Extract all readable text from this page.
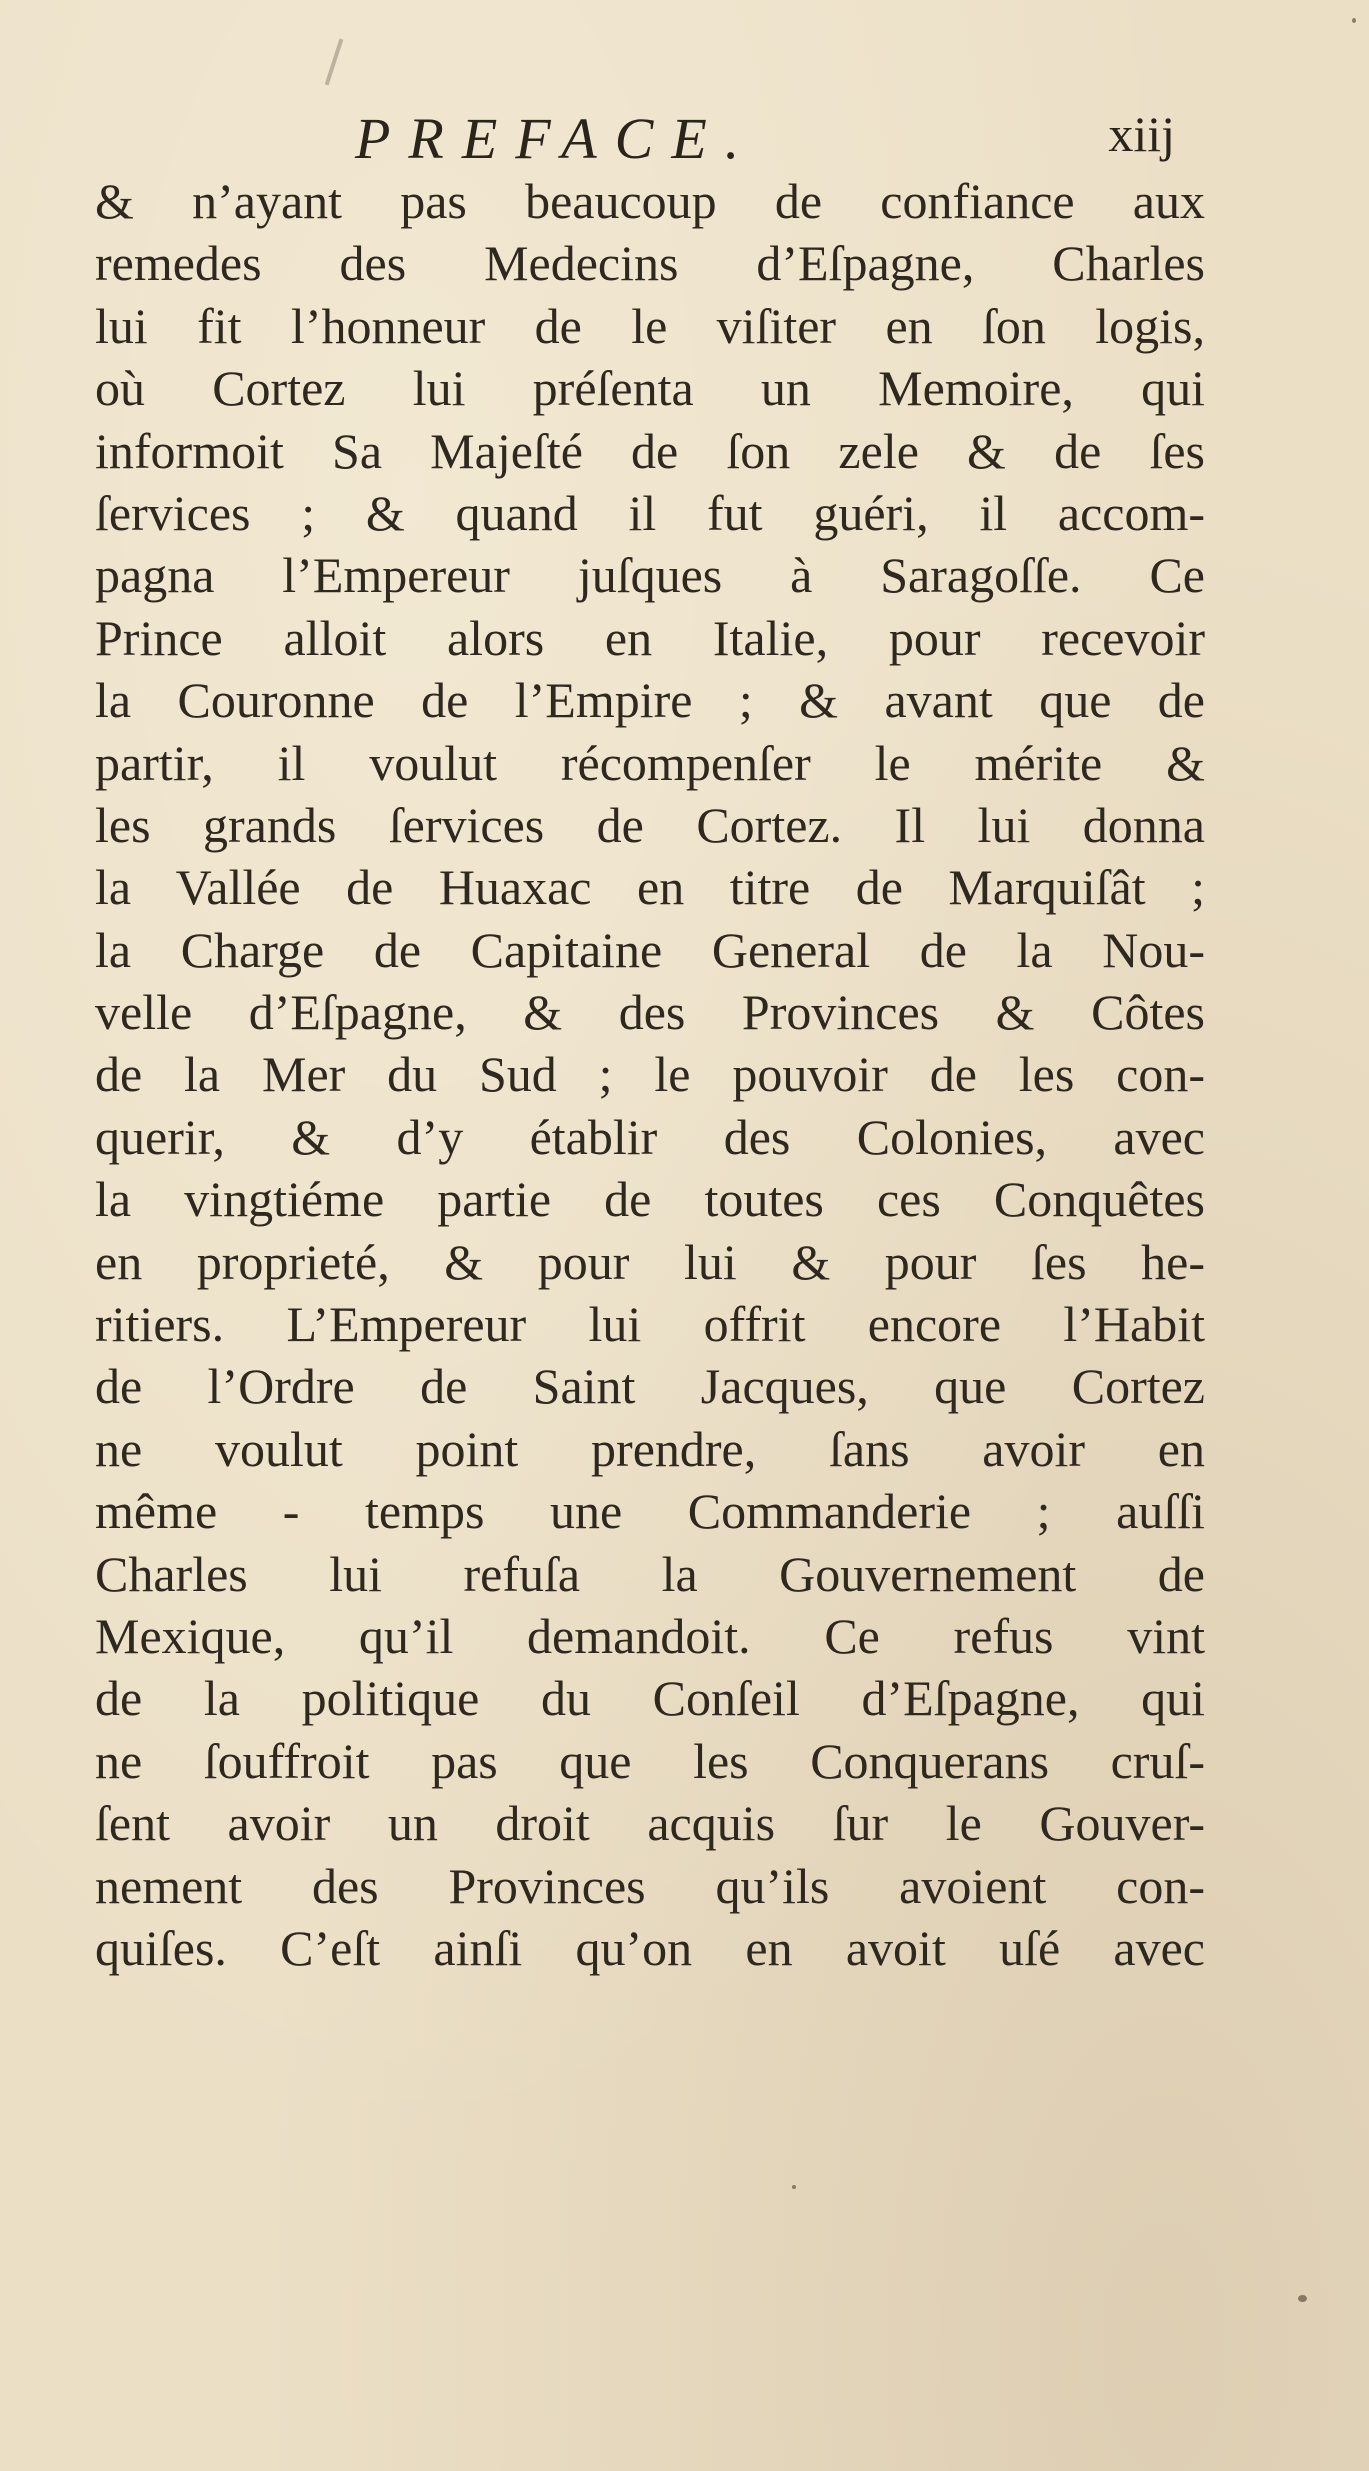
PREFACE.	xiij
& n’ayant pas beaucoup de confiance aux
remedes des Medecins d’Eſpagne, Charles
lui fit l’honneur de le viſiter en ſon logis,
où Cortez lui préſenta un Memoire, qui
informoit Sa Majeſté de ſon zele & de ſes
ſervices ; & quand il fut guéri, il accom-
pagna l’Empereur juſques à Saragoſſe. Ce
Prince alloit alors en Italie, pour recevoir
la Couronne de l’Empire ; & avant que de
partir, il voulut récompenſer le mérite &
les grands ſervices de Cortez. Il lui donna
la Vallée de Huaxac en titre de Marquiſât ;
la Charge de Capitaine General de la Nou-
velle d’Eſpagne, & des Provinces & Côtes
de la Mer du Sud ; le pouvoir de les con-
querir, & d’y établir des Colonies, avec
la vingtiéme partie de toutes ces Conquêtes
en proprieté, & pour lui & pour ſes he-
ritiers. L’Empereur lui offrit encore l’Habit
de l’Ordre de Saint Jacques, que Cortez
ne voulut point prendre, ſans avoir en
même - temps une Commanderie ; auſſi
Charles lui refuſa la Gouvernement de
Mexique, qu’il demandoit. Ce refus vint
de la politique du Conſeil d’Eſpagne, qui
ne ſouffroit pas que les Conquerans cruſ-
ſent avoir un droit acquis ſur le Gouver-
nement des Provinces qu’ils avoient con-
quiſes. C’eſt ainſi qu’on en avoit uſé avec
